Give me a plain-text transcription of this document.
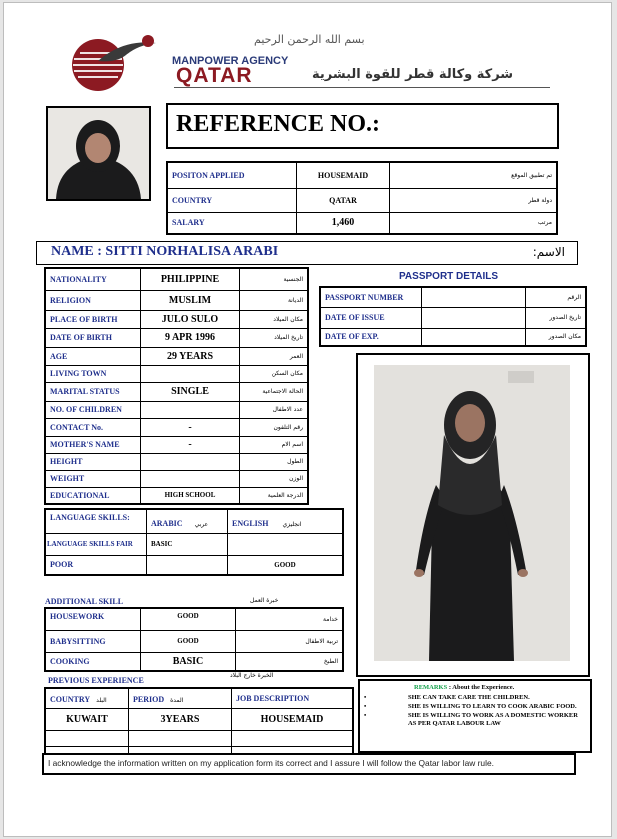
بسم الله الرحمن الرحيم
MANPOWER AGENCY
QATAR	شركة وكالة قطر للقوة البشرية
REFERENCE NO.:
POSITON APPLIED	HOUSEMAID	تم تطبيق الموقع
COUNTRY	QATAR	دولة قطر
SALARY	1,460	مرتب
NAME : SITTI NORHALISA ARABI	الاسم:
NATIONALITY	PHILIPPINE	الجنسية
RELIGION	MUSLIM	الديانة
PLACE OF BIRTH	JULO SULO	مكان الميلاد
DATE OF BIRTH	9 APR 1996	تاريخ الميلاد
AGE	29 YEARS	العمر
LIVING TOWN		مكان السكن
MARITAL STATUS	SINGLE	الحالة الاجتماعية
NO. OF CHILDREN		عدد الاطفال
CONTACT No.	-	رقم التلفون
MOTHER'S NAME	-	اسم الام
HEIGHT		الطول
WEIGHT		الوزن
EDUCATIONAL	HIGH SCHOOL	الدرجة العلمية
PASSPORT DETAILS
PASSPORT NUMBER		الرقم
DATE OF ISSUE		تاريخ الصدور
DATE OF EXP.		مكان الصدور
LANGUAGE SKILLS:	ARABIC عربي	ENGLISH انجليزي
LANGUAGE SKILLS FAIR	BASIC	
POOR		GOOD
ADDITIONAL SKILL	خبرة العمل
HOUSEWORK	GOOD	خدامة
BABYSITTING	GOOD	تربية الاطفال
COOKING	BASIC	الطبخ
PREVIOUS EXPERIENCE
الخبرة خارج البلاد
COUNTRY البلد	PERIOD المدة	JOB DESCRIPTION
KUWAIT	3YEARS	HOUSEMAID

REMARKS : About the Experience.
•	SHE CAN TAKE CARE THE CHILDREN.
•	SHE IS WILLING TO LEARN TO COOK ARABIC FOOD.
•	SHE IS WILLING TO WORK AS A DOMESTIC WORKER AS PER QATAR LABOUR LAW
I acknowledge the information written on my application form its correct and I assure I will follow the Qatar labor law rule.
